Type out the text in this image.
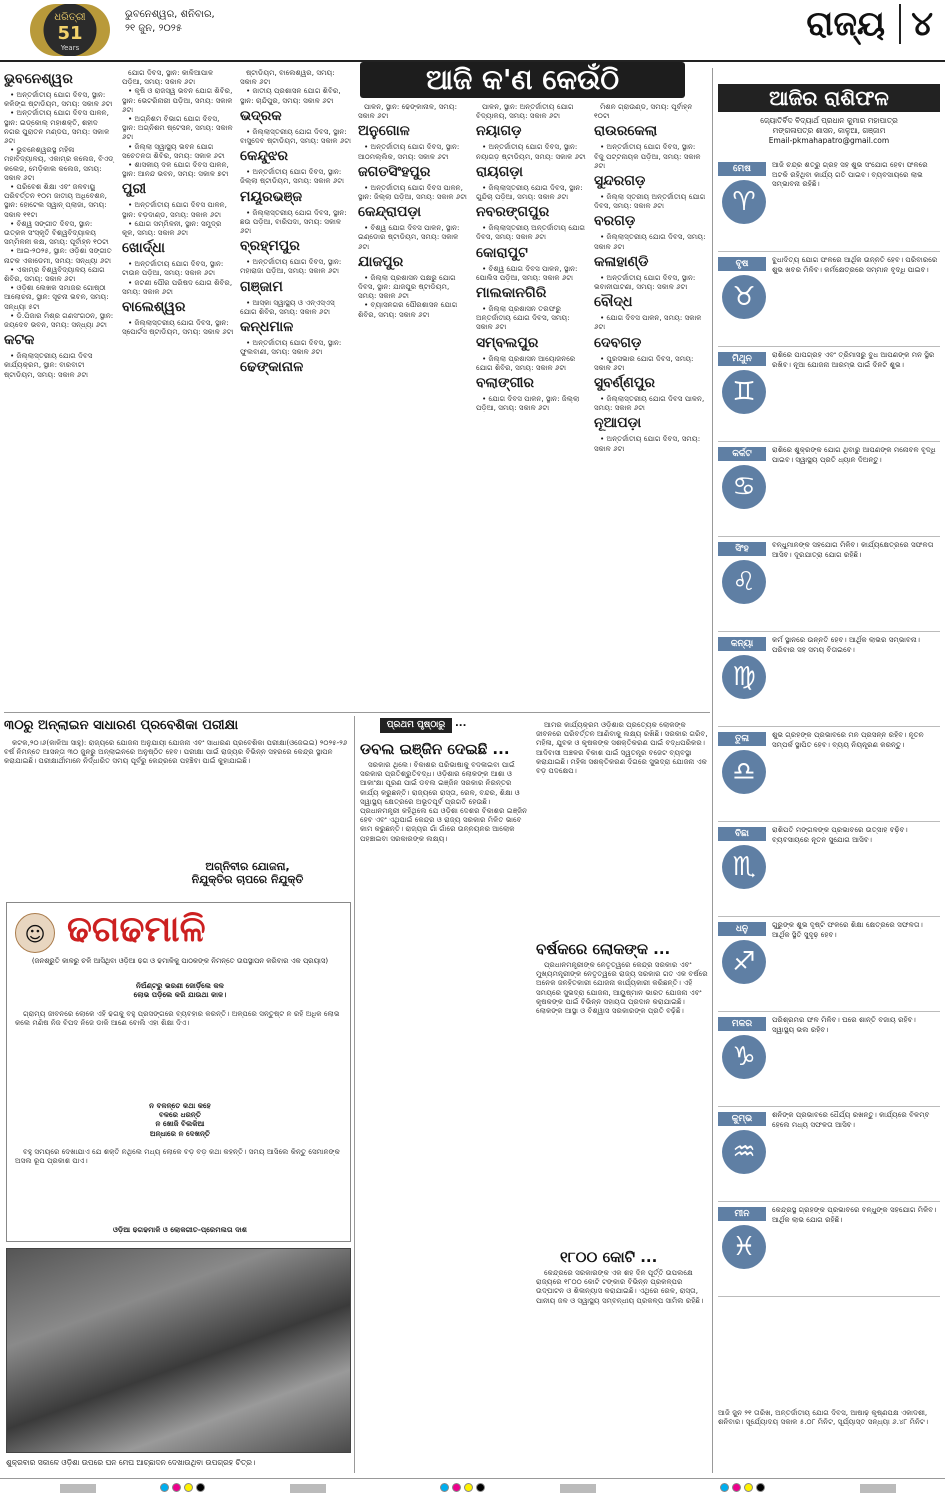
ଧରିତ୍ରୀ
51
Years
ଭୁବନେଶ୍ୱର, ଶନିବାର,
୨୧ ଜୁନ, ୨୦୨୫	ରାଜ୍ୟ ୪
ଆଜି କ'ଣ କେଉଁଠି
ଭୁବନେଶ୍ୱର
• ଅନ୍ତର୍ଜାତୀୟ ଯୋଗ ଦିବସ, ସ୍ଥାନ: କଳିଙ୍ଗ ଷ୍ଟାଡିୟମ, ସମୟ: ସକାଳ ୬ଟା
• ଅନ୍ତର୍ଜାତୀୟ ଯୋଗ ଦିବସ ପାଳନ, ସ୍ଥାନ: ଇଡ୍‌କୋଲ୍ ମହାଶକ୍ତି, ଶହୀଦ ନଗର ପୁରାତନ ମଣ୍ଡପ, ସମୟ: ସକାଳ ୬ଟା
• ଭୁବନେଶ୍ୱରସ୍ଥ ମହିଳା ମହାବିଦ୍ୟାଳୟ, ଏକାମ୍ର କଲେଜ, ବିଏଡ୍ କଲେଜ, ମେଡ଼ିକାଲ କଲେଜ, ସମୟ: ସକାଳ ୬ଟା
• ପରିବେଶ ଶିକ୍ଷା ଏବଂ ଜଳବାୟୁ ପରିବର୍ତ୍ତନ ୧୦ମ ଜାତୀୟ ଅଧିବେଶନ, ସ୍ଥାନ: ହୋଟେଲ ସ୍ୱାନ୍ ପ୍ଲାଜା, ସମୟ: ସକାଳ ୧୧ଟା
• ବିଶ୍ୱ ସଙ୍ଗୀତ ଦିବସ, ସ୍ଥାନ: ଉତ୍କଳ ସଂସ୍କୃତି ବିଶ୍ୱବିଦ୍ୟାଳୟ ସମ୍ମିଳନୀ କକ୍ଷ, ସମୟ: ପୂର୍ବାହ୍ନ ୧୦ଟା
• ଆଇ-୨୦୨୫, ସ୍ଥାନ: ଓଡ଼ିଶା ସଙ୍ଗୀତ ନାଟକ ଏକାଡେମୀ, ସମୟ: ସନ୍ଧ୍ୟା ୬ଟା
• ଏକାମ୍ର ବିଶ୍ୱବିଦ୍ୟାଳୟ ଯୋଗ ଶିବିର, ସମୟ: ସକାଳ ୬ଟା
• ଓଡ଼ିଶା ଲେଖକ ସମାଜର ଗୋଷ୍ଠୀ ଆଲୋଚନା, ସ୍ଥାନ: ସୂଚନା ଭବନ, ସମୟ: ସନ୍ଧ୍ୟା ୫ଟା
• ଡି.ପିଜାର ମିଶ୍ର ଗଣସଂଗଠନ, ସ୍ଥାନ: ଜୟଦେବ ଭବନ, ସମୟ: ସନ୍ଧ୍ୟା ୬ଟା
କଟକ
• ଜିଲ୍ଲାସ୍ତରୀୟ ଯୋଗ ଦିବସ କାର୍ଯ୍ୟକ୍ରମ, ସ୍ଥାନ: ବାରବାଟୀ ଷ୍ଟାଡିୟମ, ସମୟ: ସକାଳ ୬ଟା
ଯୋଗ ଦିବସ, ସ୍ଥାନ: କାଳିଆପାଳ ପଡ଼ିଆ, ସମୟ: ସକାଳ ୬ଟା
• କୃଷି ଓ ରାଜସ୍ୱ ଭବନ ଯୋଗ ଶିବିର, ସ୍ଥାନ: ଭେଟରିନାରୀ ପଡ଼ିଆ, ସମୟ: ସକାଳ ୬ଟା
• ଅଗ୍ନିଶମ ବିଭାଗ ଯୋଗ ଦିବସ, ସ୍ଥାନ: ଅଗ୍ନିଶମ ଷ୍ଟେସନ, ସମୟ: ସକାଳ ୬ଟା
• ଜିଲ୍ଲା ସ୍ୱାସ୍ଥ୍ୟ ଭବନ ଯୋଗ ସଚେତନତା ଶିବିର, ସମୟ: ସକାଳ ୬ଟା
• ଶାସକୀୟ ଦଳ ଯୋଗ ଦିବସ ପାଳନ, ସ୍ଥାନ: ଆନନ୍ଦ ଭବନ, ସମୟ: ସକାଳ ୭ଟା
ପୁରୀ
• ଅନ୍ତର୍ଜାତୀୟ ଯୋଗ ଦିବସ ପାଳନ, ସ୍ଥାନ: ବଡ଼ଦାଣ୍ଡ, ସମୟ: ସକାଳ ୬ଟା
• ଯୋଗ ସମ୍ମିଳନୀ, ସ୍ଥାନ: ସମୁଦ୍ର କୂଳ, ସମୟ: ସକାଳ ୬ଟା
ଖୋର୍ଦ୍ଧା
• ଅନ୍ତର୍ଜାତୀୟ ଯୋଗ ଦିବସ, ସ୍ଥାନ: ଟାଉନ ପଡ଼ିଆ, ସମୟ: ସକାଳ ୬ଟା
• ଜଟଣୀ ପୌର ପରିଷଦ ଯୋଗ ଶିବିର, ସମୟ: ସକାଳ ୬ଟା
ବାଲେଶ୍ୱର
• ଜିଲ୍ଲାସ୍ତରୀୟ ଯୋଗ ଦିବସ, ସ୍ଥାନ: ସ୍ପୋର୍ଟସ ଷ୍ଟାଡିୟମ, ସମୟ: ସକାଳ ୬ଟା
ଷ୍ଟାଡିୟମ, ବାଲେଶ୍ୱର, ସମୟ: ସକାଳ ୬ଟା
• ଜାତୀୟ ପ୍ରଶାସନ ଯୋଗ ଶିବିର, ସ୍ଥାନ: ଚାନ୍ଦିପୁର, ସମୟ: ସକାଳ ୬ଟା
ଭଦ୍ରକ
• ଜିଲ୍ଲାସ୍ତରୀୟ ଯୋଗ ଦିବସ, ସ୍ଥାନ: ବାସୁଦେବ ଷ୍ଟାଡିୟମ, ସମୟ: ସକାଳ ୬ଟା
କେନ୍ଦୁଝର
• ଅନ୍ତର୍ଜାତୀୟ ଯୋଗ ଦିବସ, ସ୍ଥାନ: ଜିଲ୍ଲା ଷ୍ଟାଡିୟମ, ସମୟ: ସକାଳ ୬ଟା
ମୟୂରଭଞ୍ଜ
• ଜିଲ୍ଲାସ୍ତରୀୟ ଯୋଗ ଦିବସ, ସ୍ଥାନ: ଛଉ ପଡ଼ିଆ, ବାରିପଦା, ସମୟ: ସକାଳ ୬ଟା
ବ୍ରହ୍ମପୁର
• ଅନ୍ତର୍ଜାତୀୟ ଯୋଗ ଦିବସ, ସ୍ଥାନ: ମହାରାଜା ପଡ଼ିଆ, ସମୟ: ସକାଳ ୬ଟା
ଗଞ୍ଜାମ
• ଆସ୍କା ସ୍ୱାସ୍ଥ୍ୟ ଓ ଏନ୍‌ଏସ୍ଏସ୍ ଯୋଗ ଶିବିର, ସମୟ: ସକାଳ ୬ଟା
କନ୍ଧମାଳ
• ଅନ୍ତର୍ଜାତୀୟ ଯୋଗ ଦିବସ, ସ୍ଥାନ: ଫୁଲବାଣୀ, ସମୟ: ସକାଳ ୬ଟା
ଢେଙ୍କାନାଳ
ପାଳନ, ସ୍ଥାନ: ଢେଙ୍କାନାଳ, ସମୟ: ସକାଳ ୬ଟା
ଅନୁଗୋଳ
• ଅନ୍ତର୍ଜାତୀୟ ଯୋଗ ଦିବସ, ସ୍ଥାନ: ଆଠମଲ୍ଲିକ, ସମୟ: ସକାଳ ୬ଟା
ଜଗତସିଂହପୁର
• ଅନ୍ତର୍ଜାତୀୟ ଯୋଗ ଦିବସ ପାଳନ, ସ୍ଥାନ: ଜିଲ୍ଲା ପଡ଼ିଆ, ସମୟ: ସକାଳ ୬ଟା
କେନ୍ଦ୍ରାପଡ଼ା
• ବିଶ୍ୱ ଯୋଗ ଦିବସ ପାଳନ, ସ୍ଥାନ: ଇଣ୍ଡୋର ଷ୍ଟାଡିୟମ, ସମୟ: ସକାଳ ୬ଟା
ଯାଜପୁର
• ଜିଲ୍ଲା ପ୍ରଶାସନ ପକ୍ଷରୁ ଯୋଗ ଦିବସ, ସ୍ଥାନ: ଯାଜପୁର ଷ୍ଟାଡିୟମ, ସମୟ: ସକାଳ ୬ଟା
• ବ୍ୟାସନଗର ପୌରଶାସନ ଯୋଗ ଶିବିର, ସମୟ: ସକାଳ ୬ଟା
ପାଳନ, ସ୍ଥାନ: ଅନ୍ତର୍ଜାତୀୟ ଯୋଗ ବିଦ୍ୟାଳୟ, ସମୟ: ସକାଳ ୬ଟା
ନୟାଗଡ଼
• ଅନ୍ତର୍ଜାତୀୟ ଯୋଗ ଦିବସ, ସ୍ଥାନ: ନୟାଗଡ଼ ଷ୍ଟାଡିୟମ, ସମୟ: ସକାଳ ୬ଟା
ରାୟଗଡ଼ା
• ଜିଲ୍ଲାସ୍ତରୀୟ ଯୋଗ ଦିବସ, ସ୍ଥାନ: ଗୁନ୍ଦିଚା ପଡ଼ିଆ, ସମୟ: ସକାଳ ୬ଟା
ନବରଙ୍ଗପୁର
• ଜିଲ୍ଲାସ୍ତରୀୟ ଅନ୍ତର୍ଜାତୀୟ ଯୋଗ ଦିବସ, ସମୟ: ସକାଳ ୬ଟା
କୋରାପୁଟ
• ବିଶ୍ୱ ଯୋଗ ଦିବସ ପାଳନ, ସ୍ଥାନ: ପୋଲିସ ପଡ଼ିଆ, ସମୟ: ସକାଳ ୬ଟା
ମାଲକାନଗିରି
• ଜିଲ୍ଲା ପ୍ରଶାସନ ତରଫରୁ ଅନ୍ତର୍ଜାତୀୟ ଯୋଗ ଦିବସ, ସମୟ: ସକାଳ ୬ଟା
ସମ୍ବଲପୁର
• ଜିଲ୍ଲା ପ୍ରଶାସନ ଆୟୋଜନରେ ଯୋଗ ଶିବିର, ସମୟ: ସକାଳ ୬ଟା
ବଲାଙ୍ଗୀର
• ଯୋଗ ଦିବସ ପାଳନ, ସ୍ଥାନ: ଜିଲ୍ଲା ପଡ଼ିଆ, ସମୟ: ସକାଳ ୬ଟା
ମିଶନ ଗ୍ରାଉଣ୍ଡ, ସମୟ: ପୂର୍ବାହ୍ନ ୧୦ଟା
ରାଉରକେଲା
• ଅନ୍ତର୍ଜାତୀୟ ଯୋଗ ଦିବସ, ସ୍ଥାନ: ବିଜୁ ପଟ୍ଟନାୟକ ପଡ଼ିଆ, ସମୟ: ସକାଳ ୬ଟା
ସୁନ୍ଦରଗଡ଼
• ଜିଲ୍ଲା ସ୍ତରୀୟ ଅନ୍ତର୍ଜାତୀୟ ଯୋଗ ଦିବସ, ସମୟ: ସକାଳ ୬ଟା
ବରଗଡ଼
• ଜିଲ୍ଲାସ୍ତରୀୟ ଯୋଗ ଦିବସ, ସମୟ: ସକାଳ ୬ଟା
କଳାହାଣ୍ଡି
• ଅନ୍ତର୍ଜାତୀୟ ଯୋଗ ଦିବସ, ସ୍ଥାନ: ଭବାନୀପାଟଣା, ସମୟ: ସକାଳ ୬ଟା
ବୌଦ୍ଧ
• ଯୋଗ ଦିବସ ପାଳନ, ସମୟ: ସକାଳ ୬ଟା
ଦେବଗଡ଼
• ପୁରସଭାର ଯୋଗ ଦିବସ, ସମୟ: ସକାଳ ୬ଟା
ସୁବର୍ଣ୍ଣପୁର
• ଜିଲ୍ଲାସ୍ତରୀୟ ଯୋଗ ଦିବସ ପାଳନ, ସମୟ: ସକାଳ ୬ଟା
ନୂଆପଡ଼ା
• ଅନ୍ତର୍ଜାତୀୟ ଯୋଗ ଦିବସ, ସମୟ: ସକାଳ ୬ଟା
ଆଜିର ରାଶିଫଳ
ଜ୍ୟୋତିର୍ବିଦ ବିଦ୍ୟାର୍ଥ ପ୍ରଧାନ କୁମାର ମହାପାତ୍ର
ମଙ୍ଗଳାପତ୍ର ଶାସନ, କାଳୁଆ, ଗଞ୍ଜାମ
Email-pkmahapatro@gmail.com
ମେଷ
♈
ଆଜି ଚନ୍ଦ୍ର ଶତ୍ରୁ ଗ୍ରହ ସହ ଶୁଭ ସଂଯୋଗ ହେବା ଫଳରେ ଅଟକି ରହିଥିବା କାର୍ଯ୍ୟ ଗତି ପାଇବ। ବ୍ୟବସାୟରେ ଲାଭ ସମ୍ଭାବନା ରହିଛି।
ବୃଷ
♉
ବୁଧାଦିତ୍ୟ ଯୋଗ ଫଳରେ ଆର୍ଥିକ ଉନ୍ନତି ହେବ। ପରିବାରରେ ଶୁଭ ଖବର ମିଳିବ। କର୍ମକ୍ଷେତ୍ରରେ ସମ୍ମାନ ବୃଦ୍ଧି ପାଇବ।
ମିଥୁନ
♊
ରାଶିରେ ପାପଗ୍ରହ ଏବଂ ତ୍ରିମାସରୁ ବୁଧ ଆପଣଙ୍କ ମନ ସ୍ଥିର ରଖିବ। ନୂଆ ଯୋଜନା ଆରମ୍ଭ ପାଇଁ ଦିନଟି ଶୁଭ।
କର୍କଟ
♋
ରାଶିରେ ଶୁକ୍ରଙ୍କ ଯୋଗ ଥିବାରୁ ଆପଣଙ୍କ ମନୋବଳ ବୃଦ୍ଧି ପାଇବ। ସ୍ୱାସ୍ଥ୍ୟ ପ୍ରତି ଧ୍ୟାନ ଦିଅନ୍ତୁ।
ସିଂହ
♌
ବନ୍ଧୁମାନଙ୍କ ସହଯୋଗ ମିଳିବ। କାର୍ଯ୍ୟକ୍ଷେତ୍ରରେ ସଫଳତା ଆସିବ। ଦୂରଯାତ୍ରା ଯୋଗ ରହିଛି।
କନ୍ୟା
♍
କର୍ମ ସ୍ଥାନରେ ଉନ୍ନତି ହେବ। ଆର୍ଥିକ ଲାଭର ସମ୍ଭାବନା। ପରିବାର ସହ ସମୟ ବିତାଇବେ।
ତୁଳା
♎
ଶୁଭ ଗ୍ରହଙ୍କ ପ୍ରଭାବରେ ମନ ପ୍ରସନ୍ନ ରହିବ। ନୂତନ ସମ୍ପର୍କ ସ୍ଥାପିତ ହେବ। ବ୍ୟୟ ନିୟନ୍ତ୍ରଣ କରନ୍ତୁ।
ବିଛା
♏
ରାଶିପତି ମଙ୍ଗଳଙ୍କ ପ୍ରଭାବରେ ଉତ୍ସାହ ବଢ଼ିବ। ବ୍ୟବସାୟରେ ନୂତନ ସୁଯୋଗ ଆସିବ।
ଧନୁ
♐
ଗୁରୁଙ୍କ ଶୁଭ ଦୃଷ୍ଟି ଫଳରେ ଶିକ୍ଷା କ୍ଷେତ୍ରରେ ସଫଳତା। ଆର୍ଥିକ ସ୍ଥିତି ସୁଦୃଢ଼ ହେବ।
ମକର
♑
ପରିଶ୍ରମର ଫଳ ମିଳିବ। ଘରେ ଶାନ୍ତି ବଜାୟ ରହିବ। ସ୍ୱାସ୍ଥ୍ୟ ଭଲ ରହିବ।
କୁମ୍ଭ
♒
ଶନିଙ୍କ ପ୍ରଭାବରେ ଧୈର୍ଯ୍ୟ ରଖନ୍ତୁ। କାର୍ଯ୍ୟରେ ବିଳମ୍ବ ହେଲେ ମଧ୍ୟ ସଫଳତା ଆସିବ।
ମୀନ
♓
କେନ୍ଦ୍ରସ୍ଥ ଗ୍ରହଙ୍କ ପ୍ରଭାବରେ ବନ୍ଧୁଙ୍କ ସହଯୋଗ ମିଳିବ। ଆର୍ଥିକ ଲାଭ ଯୋଗ ରହିଛି।
ଆଜି ଜୁନ ୨୧ ତାରିଖ, ଅନ୍ତର୍ଜାତୀୟ ଯୋଗ ଦିବସ, ଆଷାଢ଼ କୃଷ୍ଣପକ୍ଷ ଏକାଦଶୀ, ଶନିବାର। ସୂର୍ଯ୍ୟୋଦୟ ସକାଳ ୫.୦୮ ମିନିଟ, ସୂର୍ଯ୍ୟାସ୍ତ ସନ୍ଧ୍ୟା ୬.୪୮ ମିନିଟ।
୩୦ରୁ ଅନ୍‌ଲାଇନ ସାଧାରଣ ପ୍ରବେଶିକା ପରୀକ୍ଷା
କଟକ,୨୦।୬(କାଳିଆ ସାହୁ): ରାଜ୍ୟରେ ଯୋଜନା ଅନୁଯାୟୀ ଯୋଜନା ଏବଂ ସାଧାରଣ ପ୍ରବେଶିକା ପରୀକ୍ଷା(ଓଜେଇଇ) ୨୦୨୫-୨୬ ବର୍ଷ ନିମନ୍ତେ ଆସନ୍ତା ୩୦ ଜୁନରୁ ଅନ୍‌ଲାଇନରେ ଅନୁଷ୍ଠିତ ହେବ। ପରୀକ୍ଷା ପାଇଁ ରାଜ୍ୟର ବିଭିନ୍ନ ସହରରେ କେନ୍ଦ୍ର ସ୍ଥାପନ କରାଯାଇଛି। ପରୀକ୍ଷାର୍ଥୀମାନେ ନିର୍ଦ୍ଧାରିତ ସମୟ ପୂର୍ବରୁ କେନ୍ଦ୍ରରେ ପହଞ୍ଚିବା ପାଇଁ କୁହାଯାଇଛି।
ଅଗ୍ନିବୀର ଯୋଜନା,
ନିଯୁକ୍ତିର ଚାପରେ ନିଯୁକ୍ତି
☺ ଢଗଢମାଳି
(ଜନଶ୍ରୁତି କାଳରୁ ଚଳି ଆସିଥିବା ଓଡ଼ିଆ ଢଗ ଓ ଢମାଳିକୁ ପାଠକଙ୍କ ନିମନ୍ତେ ଉପସ୍ଥାପନ କରିବାର ଏକ ପ୍ରୟାସ)
ନିଅଁଣ୍ଟରୁ ଭରଣୀ ଜୋର୍ଡ଼ିଲେ କଳ
ଲୋଭ ପଡ଼ିଲେ କରି ଯାଉଥା କାଳ।
ଗ୍ରାମ୍ୟ ଜୀବନରେ ଲୋକେ ଏହି ଢଗକୁ ବହୁ ପ୍ରସଙ୍ଗରେ ବ୍ୟବହାର କରନ୍ତି। ଅଳ୍ପରେ ସନ୍ତୁଷ୍ଟ ନ ରହି ଅଧିକ ଲୋଭ କଲେ ମଣିଷ ନିଜ ବିପଦ ନିଜେ ଡାକି ଆଣେ ବୋଲି ଏହା ଶିକ୍ଷା ଦିଏ।
ନ ବଳନ୍ତେ କଥା କହେ
ବଳରେ ଧରନ୍ତି
ନ ଖୋଜି ବିଲକିଆ
ଅନ୍ଧାରେ ନ ଦେଖନ୍ତି
ବହୁ ସମୟରେ ଦେଖାଯାଏ ଯେ ଶକ୍ତି ନଥିଲେ ମଧ୍ୟ ଲୋକେ ବଡ଼ ବଡ଼ କଥା କହନ୍ତି। ସମୟ ଆସିଲେ କିନ୍ତୁ ସେମାନଙ୍କ ଅସଲ ରୂପ ପ୍ରକାଶ ପାଏ।
ଓଡ଼ିଆ ଢଗଢମାଳି ଓ ଲୋକଗୀତ-ପ୍ରେମଲତା ଦାଶ
ଶୁକ୍ରବାର ସକାଳେ ଓଡ଼ିଶା ଉପରେ ଘନ ମେଘ ଆଚ୍ଛାଦନ ଦେଖାଉଥିବା ଉପଗ୍ରହ ଚିତ୍ର।
ପ୍ରଥମ ପୃଷ୍ଠାରୁ ...
ଡବଲ ଇଞ୍ଜିନ ଦେଇଛି ...
ସରକାର ଥିଲେ। ବିକାଶର ପରିଭାଷାକୁ ବଦଳାଇବା ପାଇଁ ସରକାର ପ୍ରତିଶ୍ରୁତିବଦ୍ଧ। ଓଡ଼ିଶାର ଲୋକଙ୍କ ଆଶା ଓ ଆକାଂକ୍ଷା ପୂରଣ ପାଇଁ ଡବଲ ଇଞ୍ଜିନ ସରକାର ନିରନ୍ତର କାର୍ଯ୍ୟ କରୁଛନ୍ତି। ରାଜ୍ୟରେ ରାସ୍ତା, ରେଳ, ବନ୍ଦର, ଶିକ୍ଷା ଓ ସ୍ୱାସ୍ଥ୍ୟ କ୍ଷେତ୍ରରେ ଅଭୂତପୂର୍ବ ପ୍ରଗତି ହେଉଛି। ପ୍ରଧାନମନ୍ତ୍ରୀ କହିଥିଲେ ଯେ ଓଡ଼ିଶା ଦେଶର ବିକାଶର ଇଞ୍ଜିନ ହେବ ଏବଂ ଏଥିପାଇଁ କେନ୍ଦ୍ର ଓ ରାଜ୍ୟ ସରକାର ମିଳିତ ଭାବେ କାମ କରୁଛନ୍ତି। ରାଜ୍ୟର ଗାଁ ଗାଁରେ ଉନ୍ନୟନର ଆଲୋକ ପହଞ୍ଚାଇବା ସରକାରଙ୍କ ଲକ୍ଷ୍ୟ।
ଆମର କାର୍ଯ୍ୟକ୍ରମ ଓଡ଼ିଶାର ପ୍ରତ୍ୟେକ ଲୋକଙ୍କ ଜୀବନରେ ପରିବର୍ତ୍ତନ ଆଣିବାକୁ ଲକ୍ଷ୍ୟ ରଖିଛି। ସରକାର ଗରିବ, ମହିଳା, ଯୁବକ ଓ କୃଷକଙ୍କ ସଶକ୍ତିକରଣ ପାଇଁ ବଦ୍ଧପରିକର। ଆଦିବାସୀ ଅଞ୍ଚଳର ବିକାଶ ପାଇଁ ସ୍ୱତନ୍ତ୍ର ବଜେଟ ବ୍ୟବସ୍ଥା କରାଯାଇଛି। ମହିଳା ସଶକ୍ତିକରଣ ଦିଗରେ ସୁଭଦ୍ରା ଯୋଜନା ଏକ ବଡ଼ ପଦକ୍ଷେପ।
ବର୍ଷକରେ ଲୋକଙ୍କ ...
ପ୍ରଧାନମନ୍ତ୍ରୀଙ୍କ ନେତୃତ୍ୱରେ କେନ୍ଦ୍ର ସରକାର ଏବଂ ମୁଖ୍ୟମନ୍ତ୍ରୀଙ୍କ ନେତୃତ୍ୱରେ ରାଜ୍ୟ ସରକାର ଗତ ଏକ ବର୍ଷରେ ଅନେକ ଜନହିତକାରୀ ଯୋଜନା କାର୍ଯ୍ୟକାରୀ କରିଛନ୍ତି। ଏହି ସମୟରେ ସୁଭଦ୍ରା ଯୋଜନା, ଆୟୁଷ୍ମାନ ଭାରତ ଯୋଜନା ଏବଂ କୃଷକଙ୍କ ପାଇଁ ବିଭିନ୍ନ ସହାୟତା ପ୍ରଦାନ କରାଯାଇଛି। ଲୋକଙ୍କ ଆସ୍ଥା ଓ ବିଶ୍ୱାସ ସରକାରଙ୍କ ପ୍ରତି ବଢ଼ିଛି।
୧୮୦୦ କୋଟି ...
କେନ୍ଦ୍ରରେ ସରକାରଙ୍କ ଏକ ଶହ ଦିନ ପୂର୍ତ୍ତି ଉପଲକ୍ଷେ ରାଜ୍ୟରେ ୧୮୦୦ କୋଟି ଟଙ୍କାର ବିଭିନ୍ନ ପ୍ରକଳ୍ପର ଉଦ୍‌ଘାଟନ ଓ ଶିଳାନ୍ୟାସ କରାଯାଇଛି। ଏଥିରେ ରେଳ, ରାସ୍ତା, ପାନୀୟ ଜଳ ଓ ସ୍ୱାସ୍ଥ୍ୟ ସମ୍ବନ୍ଧୀୟ ପ୍ରକଳ୍ପ ସାମିଲ ରହିଛି।
